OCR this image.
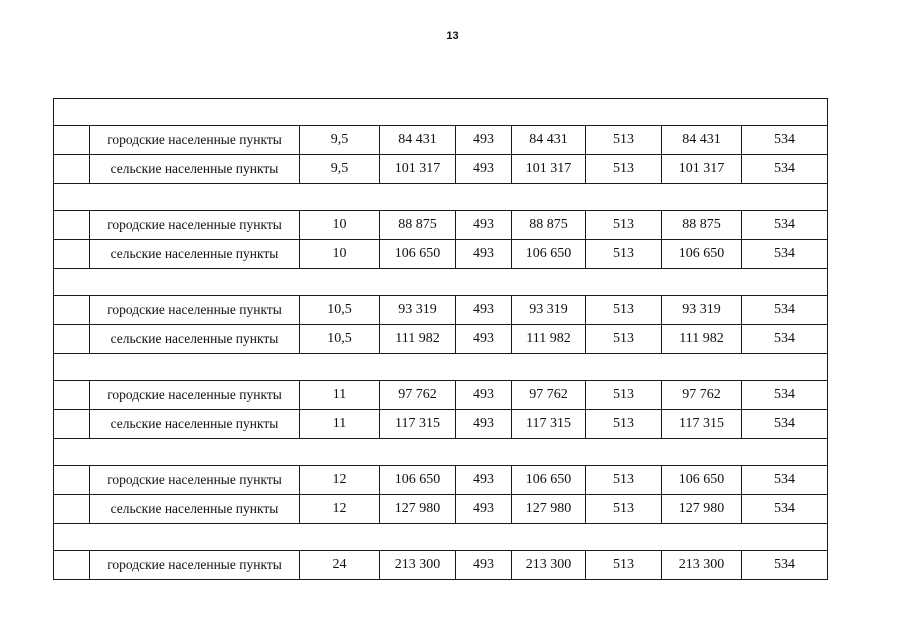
13

	городские населенные пункты	9,5	84 431	493	84 431	513	84 431	534
	сельские населенные пункты	9,5	101 317	493	101 317	513	101 317	534

	городские населенные пункты	10	88 875	493	88 875	513	88 875	534
	сельские населенные пункты	10	106 650	493	106 650	513	106 650	534

	городские населенные пункты	10,5	93 319	493	93 319	513	93 319	534
	сельские населенные пункты	10,5	111 982	493	111 982	513	111 982	534

	городские населенные пункты	11	97 762	493	97 762	513	97 762	534
	сельские населенные пункты	11	117 315	493	117 315	513	117 315	534

	городские населенные пункты	12	106 650	493	106 650	513	106 650	534
	сельские населенные пункты	12	127 980	493	127 980	513	127 980	534

	городские населенные пункты	24	213 300	493	213 300	513	213 300	534
